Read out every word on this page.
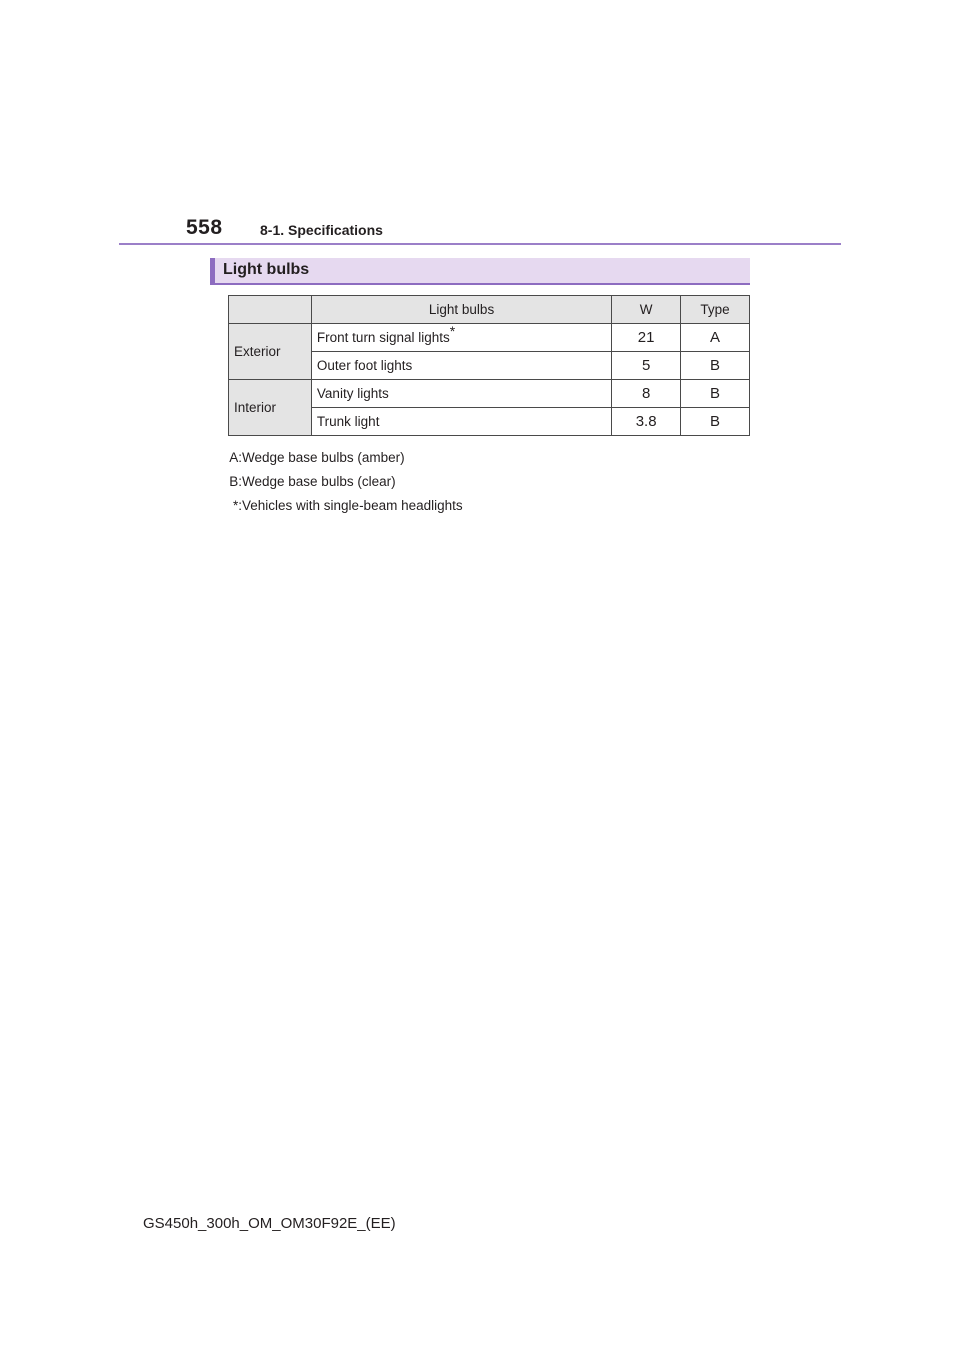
558	8-1. Specifications
Light bulbs
	Light bulbs	W	Type
Exterior	Front turn signal lights*	21	A
	Outer foot lights	5	B
Interior	Vanity lights	8	B
	Trunk light	3.8	B
A: Wedge base bulbs (amber)
B: Wedge base bulbs (clear)
*: Vehicles with single-beam headlights
GS450h_300h_OM_OM30F92E_(EE)
